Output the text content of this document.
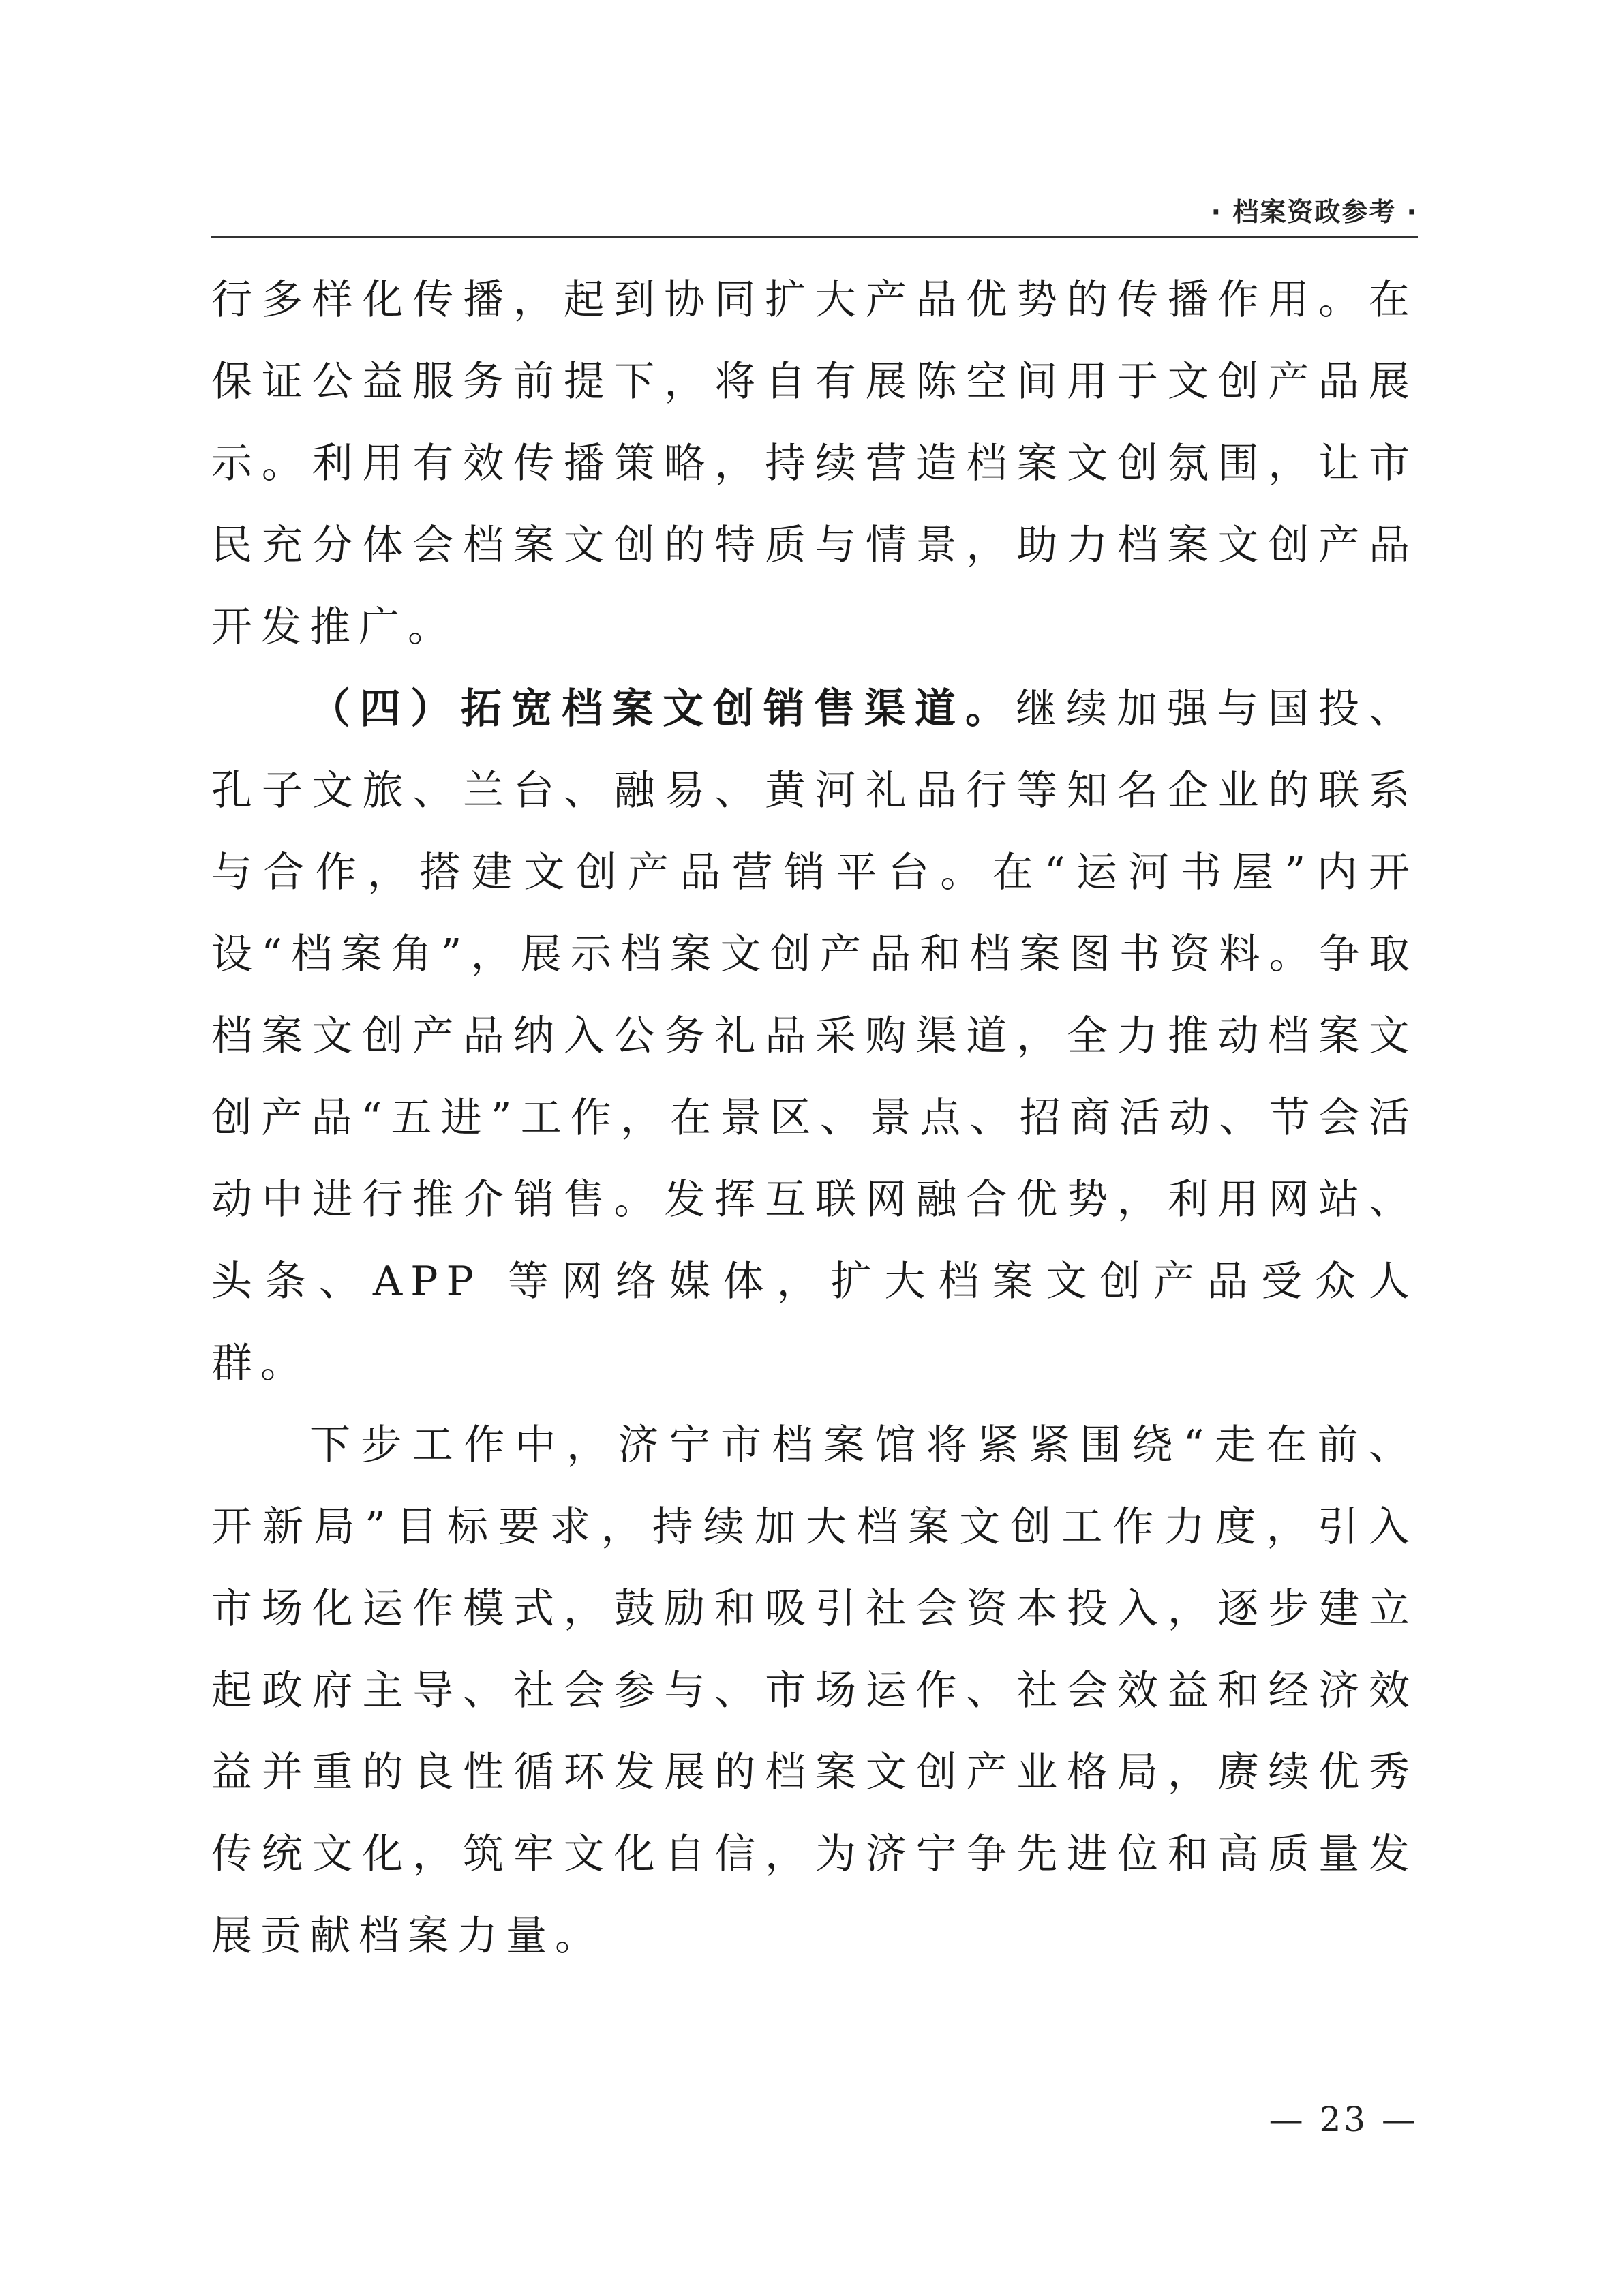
· 档案资政参考 ·

行多样化传播，起到协同扩大产品优势的传播作用。在保证公益服务前提下，将自有展陈空间用于文创产品展示。利用有效传播策略，持续营造档案文创氛围，让市民充分体会档案文创的特质与情景，助力档案文创产品开发推广。

（四）拓宽档案文创销售渠道。继续加强与国投、孔子文旅、兰台、融易、黄河礼品行等知名企业的联系与合作，搭建文创产品营销平台。在“运河书屋”内开设“档案角”，展示档案文创产品和档案图书资料。争取档案文创产品纳入公务礼品采购渠道，全力推动档案文创产品“五进”工作，在景区、景点、招商活动、节会活动中进行推介销售。发挥互联网融合优势，利用网站、头条、APP 等网络媒体，扩大档案文创产品受众人群。

下步工作中，济宁市档案馆将紧紧围绕“走在前、开新局”目标要求，持续加大档案文创工作力度，引入市场化运作模式，鼓励和吸引社会资本投入，逐步建立起政府主导、社会参与、市场运作、社会效益和经济效益并重的良性循环发展的档案文创产业格局，赓续优秀传统文化，筑牢文化自信，为济宁争先进位和高质量发展贡献档案力量。

— 23 —
